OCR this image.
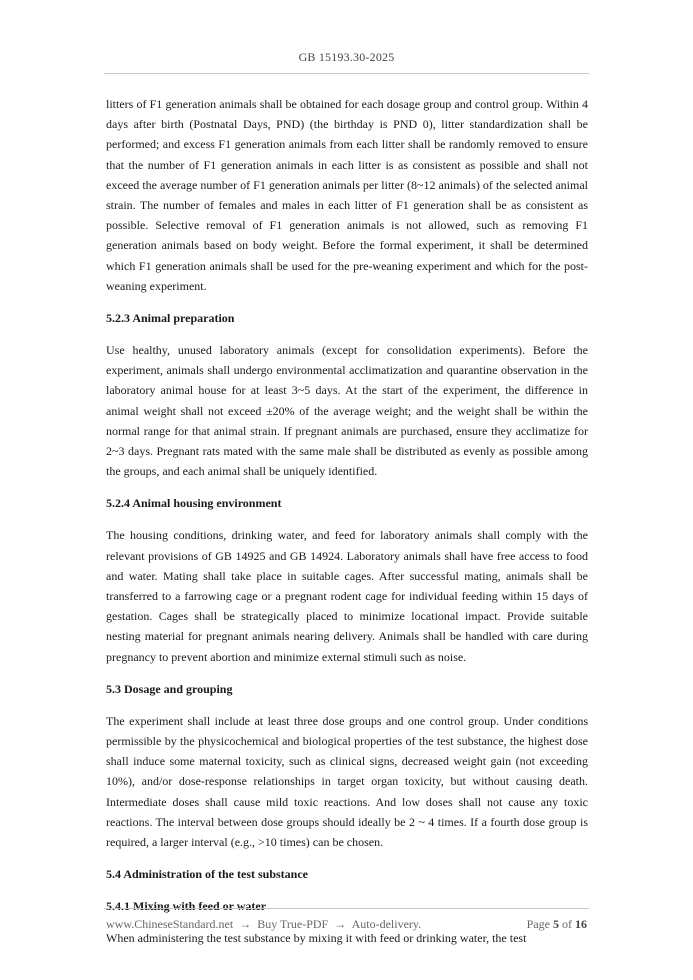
GB 15193.30-2025

litters of F1 generation animals shall be obtained for each dosage group and control group. Within 4 days after birth (Postnatal Days, PND) (the birthday is PND 0), litter standardization shall be performed; and excess F1 generation animals from each litter shall be randomly removed to ensure that the number of F1 generation animals in each litter is as consistent as possible and shall not exceed the average number of F1 generation animals per litter (8~12 animals) of the selected animal strain. The number of females and males in each litter of F1 generation shall be as consistent as possible. Selective removal of F1 generation animals is not allowed, such as removing F1 generation animals based on body weight. Before the formal experiment, it shall be determined which F1 generation animals shall be used for the pre-weaning experiment and which for the post-weaning experiment.

5.2.3 Animal preparation

Use healthy, unused laboratory animals (except for consolidation experiments). Before the experiment, animals shall undergo environmental acclimatization and quarantine observation in the laboratory animal house for at least 3~5 days. At the start of the experiment, the difference in animal weight shall not exceed ±20% of the average weight; and the weight shall be within the normal range for that animal strain. If pregnant animals are purchased, ensure they acclimatize for 2~3 days. Pregnant rats mated with the same male shall be distributed as evenly as possible among the groups, and each animal shall be uniquely identified.

5.2.4 Animal housing environment

The housing conditions, drinking water, and feed for laboratory animals shall comply with the relevant provisions of GB 14925 and GB 14924. Laboratory animals shall have free access to food and water. Mating shall take place in suitable cages. After successful mating, animals shall be transferred to a farrowing cage or a pregnant rodent cage for individual feeding within 15 days of gestation. Cages shall be strategically placed to minimize locational impact. Provide suitable nesting material for pregnant animals nearing delivery. Animals shall be handled with care during pregnancy to prevent abortion and minimize external stimuli such as noise.

5.3 Dosage and grouping

The experiment shall include at least three dose groups and one control group. Under conditions permissible by the physicochemical and biological properties of the test substance, the highest dose shall induce some maternal toxicity, such as clinical signs, decreased weight gain (not exceeding 10%), and/or dose-response relationships in target organ toxicity, but without causing death. Intermediate doses shall cause mild toxic reactions. And low doses shall not cause any toxic reactions. The interval between dose groups should ideally be 2 ~ 4 times. If a fourth dose group is required, a larger interval (e.g., >10 times) can be chosen.

5.4 Administration of the test substance
5.4.1 Mixing with feed or water

When administering the test substance by mixing it with feed or drinking water, the test

www.ChineseStandard.net → Buy True-PDF → Auto-delivery.	Page 5 of 16
